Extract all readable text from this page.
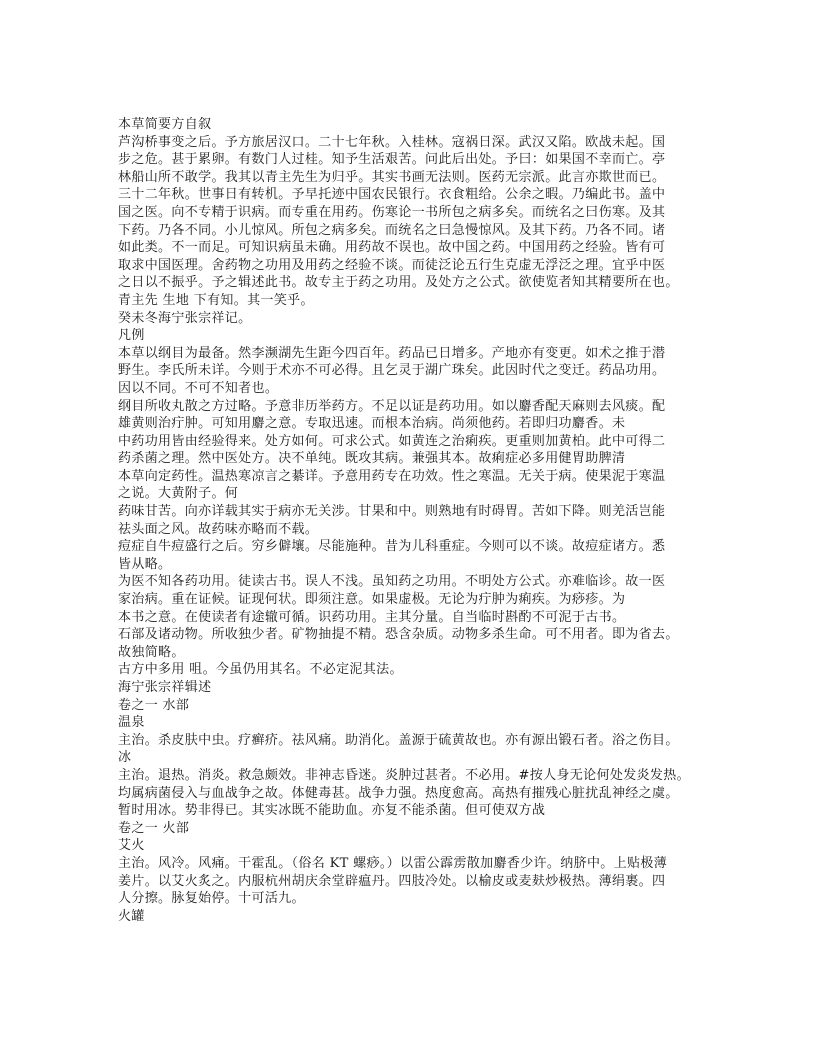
本草简要方自叙
芦沟桥事变之后。予方旅居汉口。二十七年秋。入桂林。寇祸日深。武汉又陷。欧战未起。国
步之危。甚于累卵。有数门人过桂。知予生活艰苦。问此后出处。予曰：如果国不幸而亡。亭
林船山所不敢学。我其以青主先生为归乎。其实书画无法则。医药无宗派。此言亦欺世而已。
三十二年秋。世事日有转机。予早托迹中国农民银行。衣食粗给。公余之暇。乃编此书。盖中
国之医。向不专精于识病。而专重在用药。伤寒论一书所包之病多矣。而统名之曰伤寒。及其
下药。乃各不同。小儿惊风。所包之病多矣。而统名之曰急慢惊风。及其下药。乃各不同。诸
如此类。不一而足。可知识病虽未确。用药故不误也。故中国之药。中国用药之经验。皆有可
取求中国医理。舍药物之功用及用药之经验不谈。而徒泛论五行生克虚无浮泛之理。宜乎中医
之日以不振乎。予之辑述此书。故专主于药之功用。及处方之公式。欲使览者知其精要所在也。
青主先 生地 下有知。其一笑乎。
癸未冬海宁张宗祥记。
凡例
本草以纲目为最备。然李濒湖先生距今四百年。药品已日增多。产地亦有变更。如术之推于潜
野生。李氏所未详。今则于术亦不可必得。且乞灵于湖广珠矣。此因时代之变迁。药品功用。
因以不同。不可不知者也。
纲目所收丸散之方过略。予意非历举药方。不足以证是药功用。如以麝香配天麻则去风痰。配
雄黄则治疔肿。可知用麝之意。专取迅速。而根本治病。尚须他药。若即归功麝香。未
中药功用皆由经验得来。处方如何。可求公式。如黄连之治痢疾。更重则加黄柏。此中可得二
药杀菌之理。然中医处方。决不单纯。既攻其病。兼强其本。故痢症必多用健胃助脾清
本草向定药性。温热寒凉言之綦详。予意用药专在功效。性之寒温。无关于病。使果泥于寒温
之说。大黄附子。何
药味甘苦。向亦详载其实于病亦无关涉。甘果和中。则熟地有时碍胃。苦如下降。则羌活岂能
祛头面之风。故药味亦略而不载。
痘症自牛痘盛行之后。穷乡僻壤。尽能施种。昔为儿科重症。今则可以不谈。故痘症诸方。悉
皆从略。
为医不知各药功用。徒读古书。误人不浅。虽知药之功用。不明处方公式。亦难临诊。故一医
家治病。重在证候。证现何状。即须注意。如果虚极。无论为疔肿为痢疾。为痧疹。为
本书之意。在使读者有途辙可循。识药功用。主其分量。自当临时斟酌不可泥于古书。
石部及诸动物。所收独少者。矿物抽提不精。恐含杂质。动物多杀生命。可不用者。即为省去。
故独简略。
古方中多用 咀。今虽仍用其名。不必定泥其法。
海宁张宗祥辑述
卷之一 水部
温泉
主治。杀皮肤中虫。疗癣疥。祛风痛。助消化。盖源于硫黄故也。亦有源出锻石者。浴之伤目。
冰
主治。退热。消炎。救急颇效。非神志昏迷。炎肿过甚者。不必用。#按人身无论何处发炎发热。
均属病菌侵入与血战争之故。体健毒甚。战争力强。热度愈高。高热有摧残心脏扰乱神经之虞。
暂时用冰。势非得已。其实冰既不能助血。亦复不能杀菌。但可使双方战
卷之一 火部
艾火
主治。风冷。风痛。干霍乱。（俗名 KT 螺痧。）以雷公霹雳散加麝香少许。纳脐中。上贴极薄
姜片。以艾火炙之。内服杭州胡庆余堂辟瘟丹。四肢冷处。以榆皮或麦麸炒极热。薄绢裹。四
人分擦。脉复始停。十可活九。
火罐
